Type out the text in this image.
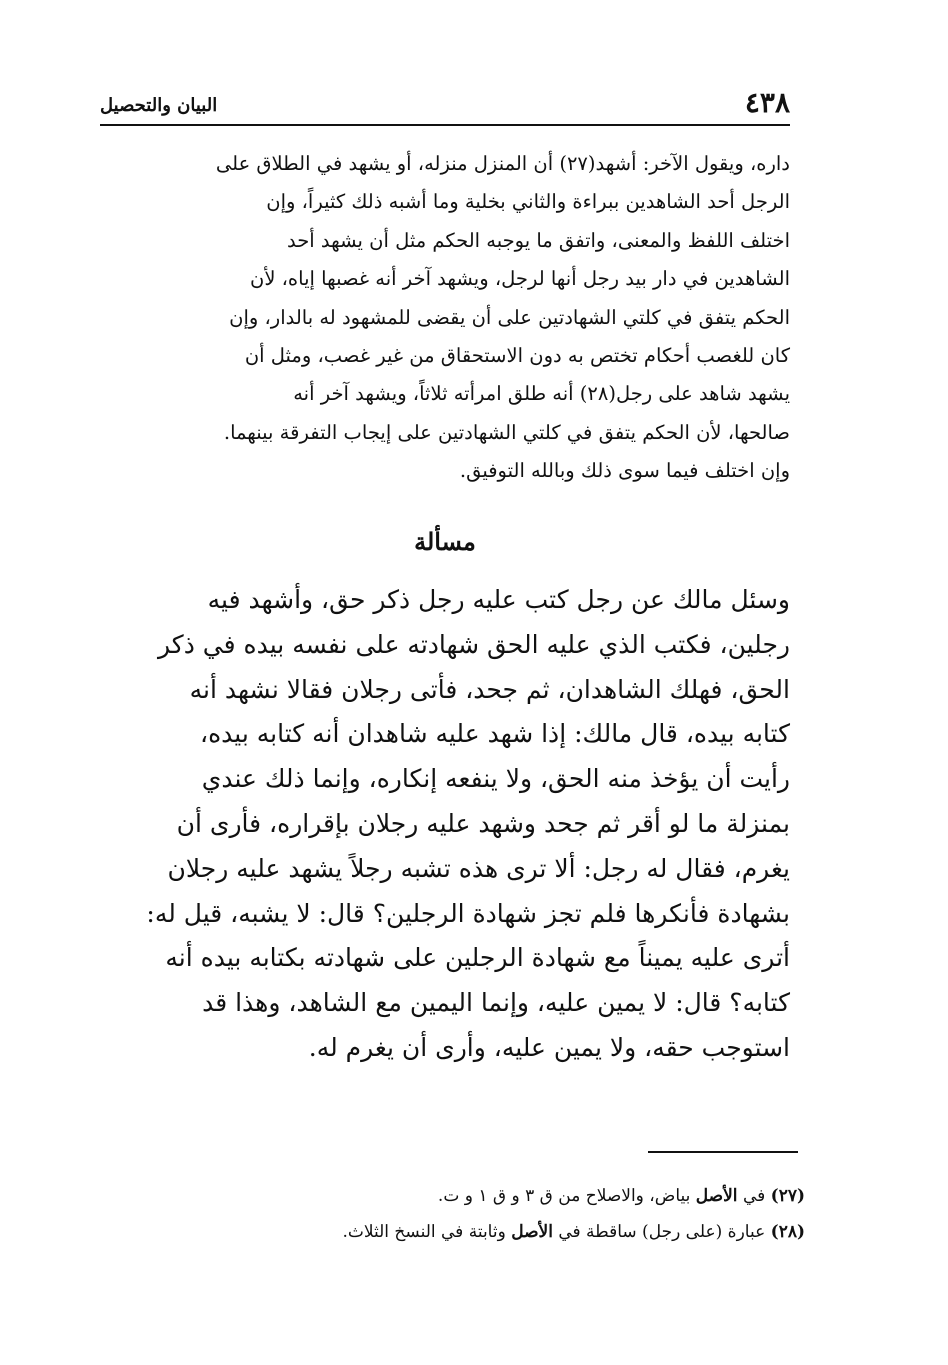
٤٣٨
البيان والتحصيل
داره، ويقول الآخر: أشهد(٢٧) أن المنزل منزله، أو يشهد في الطلاق على
الرجل أحد الشاهدين ببراءة والثاني بخلية وما أشبه ذلك كثيراً، وإن
اختلف اللفظ والمعنى، واتفق ما يوجبه الحكم مثل أن يشهد أحد
الشاهدين في دار بيد رجل أنها لرجل، ويشهد آخر أنه غصبها إياه، لأن
الحكم يتفق في كلتي الشهادتين على أن يقضى للمشهود له بالدار، وإن
كان للغصب أحكام تختص به دون الاستحقاق من غير غصب، ومثل أن
يشهد شاهد على رجل(٢٨) أنه طلق امرأته ثلاثاً، ويشهد آخر أنه
صالحها، لأن الحكم يتفق في كلتي الشهادتين على إيجاب التفرقة بينهما.
وإن اختلف فيما سوى ذلك وبالله التوفيق.
مسألة
وسئل مالك عن رجل كتب عليه رجل ذكر حق، وأشهد فيه
رجلين، فكتب الذي عليه الحق شهادته على نفسه بيده في ذكر
الحق، فهلك الشاهدان، ثم جحد، فأتى رجلان فقالا نشهد أنه
كتابه بيده، قال مالك: إذا شهد عليه شاهدان أنه كتابه بيده،
رأيت أن يؤخذ منه الحق، ولا ينفعه إنكاره، وإنما ذلك عندي
بمنزلة ما لو أقر ثم جحد وشهد عليه رجلان بإقراره، فأرى أن
يغرم، فقال له رجل: ألا ترى هذه تشبه رجلاً يشهد عليه رجلان
بشهادة فأنكرها فلم تجز شهادة الرجلين؟ قال: لا يشبه، قيل له:
أترى عليه يميناً مع شهادة الرجلين على شهادته بكتابه بيده أنه
كتابه؟ قال: لا يمين عليه، وإنما اليمين مع الشاهد، وهذا قد
استوجب حقه، ولا يمين عليه، وأرى أن يغرم له.
(٢٧) في الأصل بياض، والاصلاح من ق ٣ و ق ١ و ت.
(٢٨) عبارة (على رجل) ساقطة في الأصل وثابتة في النسخ الثلاث.
